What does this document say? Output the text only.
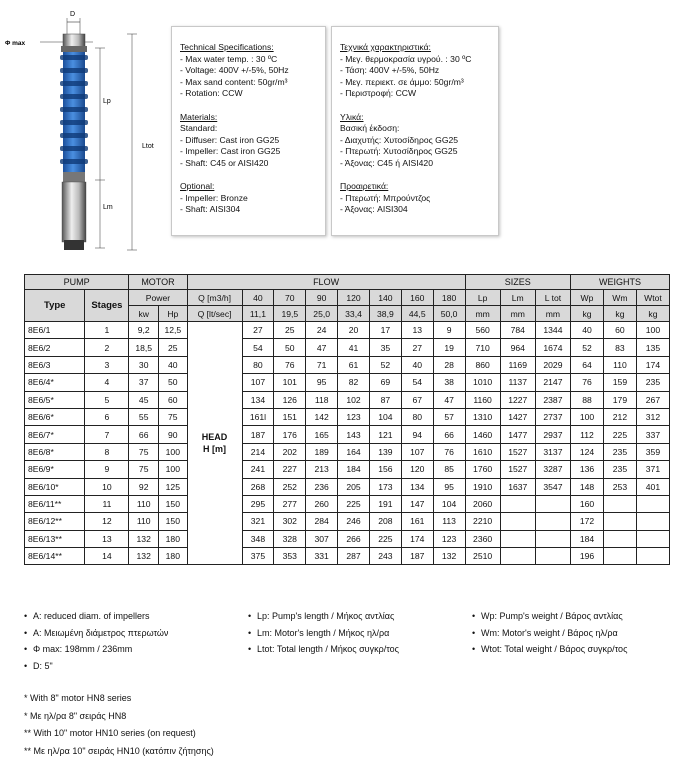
D
Φ max
Lp
Lm
Ltot
Technical Specifications:
- Max water temp. : 30 ºC
- Voltage: 400V +/-5%, 50Hz
- Max sand content: 50gr/m³
- Rotation: CCW
Materials:
Standard:
- Diffuser: Cast iron GG25
- Impeller: Cast iron GG25
- Shaft: C45 or AISI420
Optional:
- Impeller: Bronze
- Shaft: AISI304
Τεχνικά χαρακτηριστικά:
- Μεγ. θερμοκρασία υγρού. : 30 ºC
- Τάση: 400V +/-5%, 50Hz
- Μεγ. περιεκτ. σε άμμο: 50gr/m³
- Περιστροφή: CCW
Υλικά:
Βασική έκδοση:
- Διαχυτής: Χυτοσίδηρος GG25
- Πτερωτή: Χυτοσίδηρος GG25
- Άξονας: C45 ή AISI420
Προαιρετικά:
- Πτερωτή: Μπρούντζος
- Άξονας: AISI304
PUMP		MOTOR		FLOW								SIZES			WEIGHTS		
Type	Stages	Power		Q [m3/h]	40	70	90	120	140	160	180	Lp	Lm	L tot	Wp	Wm	Wtot
		kw	Hp	Q [lt/sec]	11,1	19,5	25,0	33,4	38,9	44,5	50,0	mm	mm	mm	kg	kg	kg
8E6/1	1	9,2	12,5	HEAD
H [m]	27	25	24	20	17	13	9	560	784	1344	40	60	100
8E6/2	2	18,5	25		54	50	47	41	35	27	19	710	964	1674	52	83	135
8E6/3	3	30	40		80	76	71	61	52	40	28	860	1169	2029	64	110	174
8E6/4*	4	37	50		107	101	95	82	69	54	38	1010	1137	2147	76	159	235
8E6/5*	5	45	60		134	126	118	102	87	67	47	1160	1227	2387	88	179	267
8E6/6*	6	55	75		161l	151	142	123	104	80	57	1310	1427	2737	100	212	312
8E6/7*	7	66	90		187	176	165	143	121	94	66	1460	1477	2937	112	225	337
8E6/8*	8	75	100		214	202	189	164	139	107	76	1610	1527	3137	124	235	359
8E6/9*	9	75	100		241	227	213	184	156	120	85	1760	1527	3287	136	235	371
8E6/10*	10	92	125		268	252	236	205	173	134	95	1910	1637	3547	148	253	401
8E6/11**	11	110	150		295	277	260	225	191	147	104	2060			160		
8E6/12**	12	110	150		321	302	284	246	208	161	113	2210			172		
8E6/13**	13	132	180		348	328	307	266	225	174	123	2360			184		
8E6/14**	14	132	180		375	353	331	287	243	187	132	2510			196		
• A: reduced diam. of impellers
• A: Μειωμένη διάμετρος πτερωτών
• Φ max: 198mm / 236mm
• D: 5"
• Lp: Pump's length / Μήκος αντλίας
• Lm: Motor's length / Μήκος ηλ/ρα
• Ltot: Total length / Μήκος συγκρ/τος
• Wp: Pump's weight / Βάρος αντλίας
• Wm: Motor's weight / Βάρος ηλ/ρα
• Wtot: Total weight / Βάρος συγκρ/τος
* With 8" motor HN8 series
* Με ηλ/ρα 8" σειράς HN8
** With 10" motor HN10 series (on request)
** Με ηλ/ρα 10" σειράς HN10 (κατόπιν ζήτησης)
